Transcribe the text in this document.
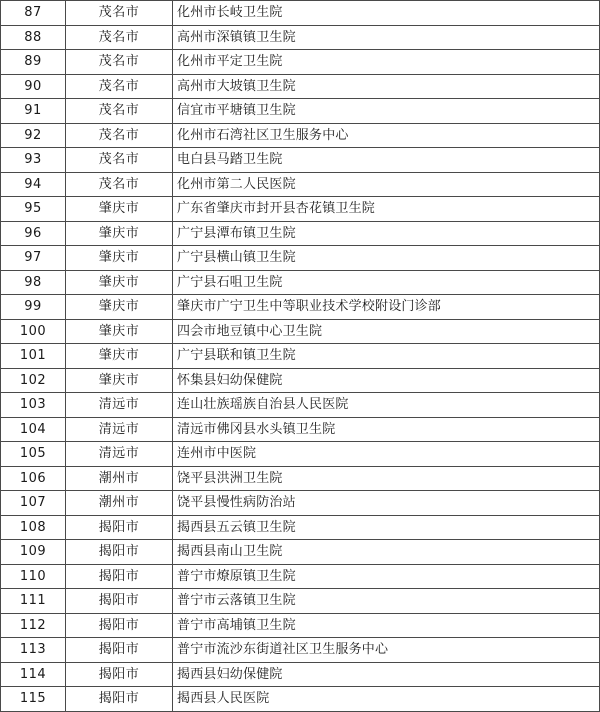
87	茂名市	化州市长岐卫生院
88	茂名市	高州市深镇镇卫生院
89	茂名市	化州市平定卫生院
90	茂名市	高州市大坡镇卫生院
91	茂名市	信宜市平塘镇卫生院
92	茂名市	化州市石湾社区卫生服务中心
93	茂名市	电白县马踏卫生院
94	茂名市	化州市第二人民医院
95	肇庆市	广东省肇庆市封开县杏花镇卫生院
96	肇庆市	广宁县潭布镇卫生院
97	肇庆市	广宁县横山镇卫生院
98	肇庆市	广宁县石咀卫生院
99	肇庆市	肇庆市广宁卫生中等职业技术学校附设门诊部
100	肇庆市	四会市地豆镇中心卫生院
101	肇庆市	广宁县联和镇卫生院
102	肇庆市	怀集县妇幼保健院
103	清远市	连山壮族瑶族自治县人民医院
104	清远市	清远市佛冈县水头镇卫生院
105	清远市	连州市中医院
106	潮州市	饶平县洪洲卫生院
107	潮州市	饶平县慢性病防治站
108	揭阳市	揭西县五云镇卫生院
109	揭阳市	揭西县南山卫生院
110	揭阳市	普宁市燎原镇卫生院
111	揭阳市	普宁市云落镇卫生院
112	揭阳市	普宁市高埔镇卫生院
113	揭阳市	普宁市流沙东街道社区卫生服务中心
114	揭阳市	揭西县妇幼保健院
115	揭阳市	揭西县人民医院
